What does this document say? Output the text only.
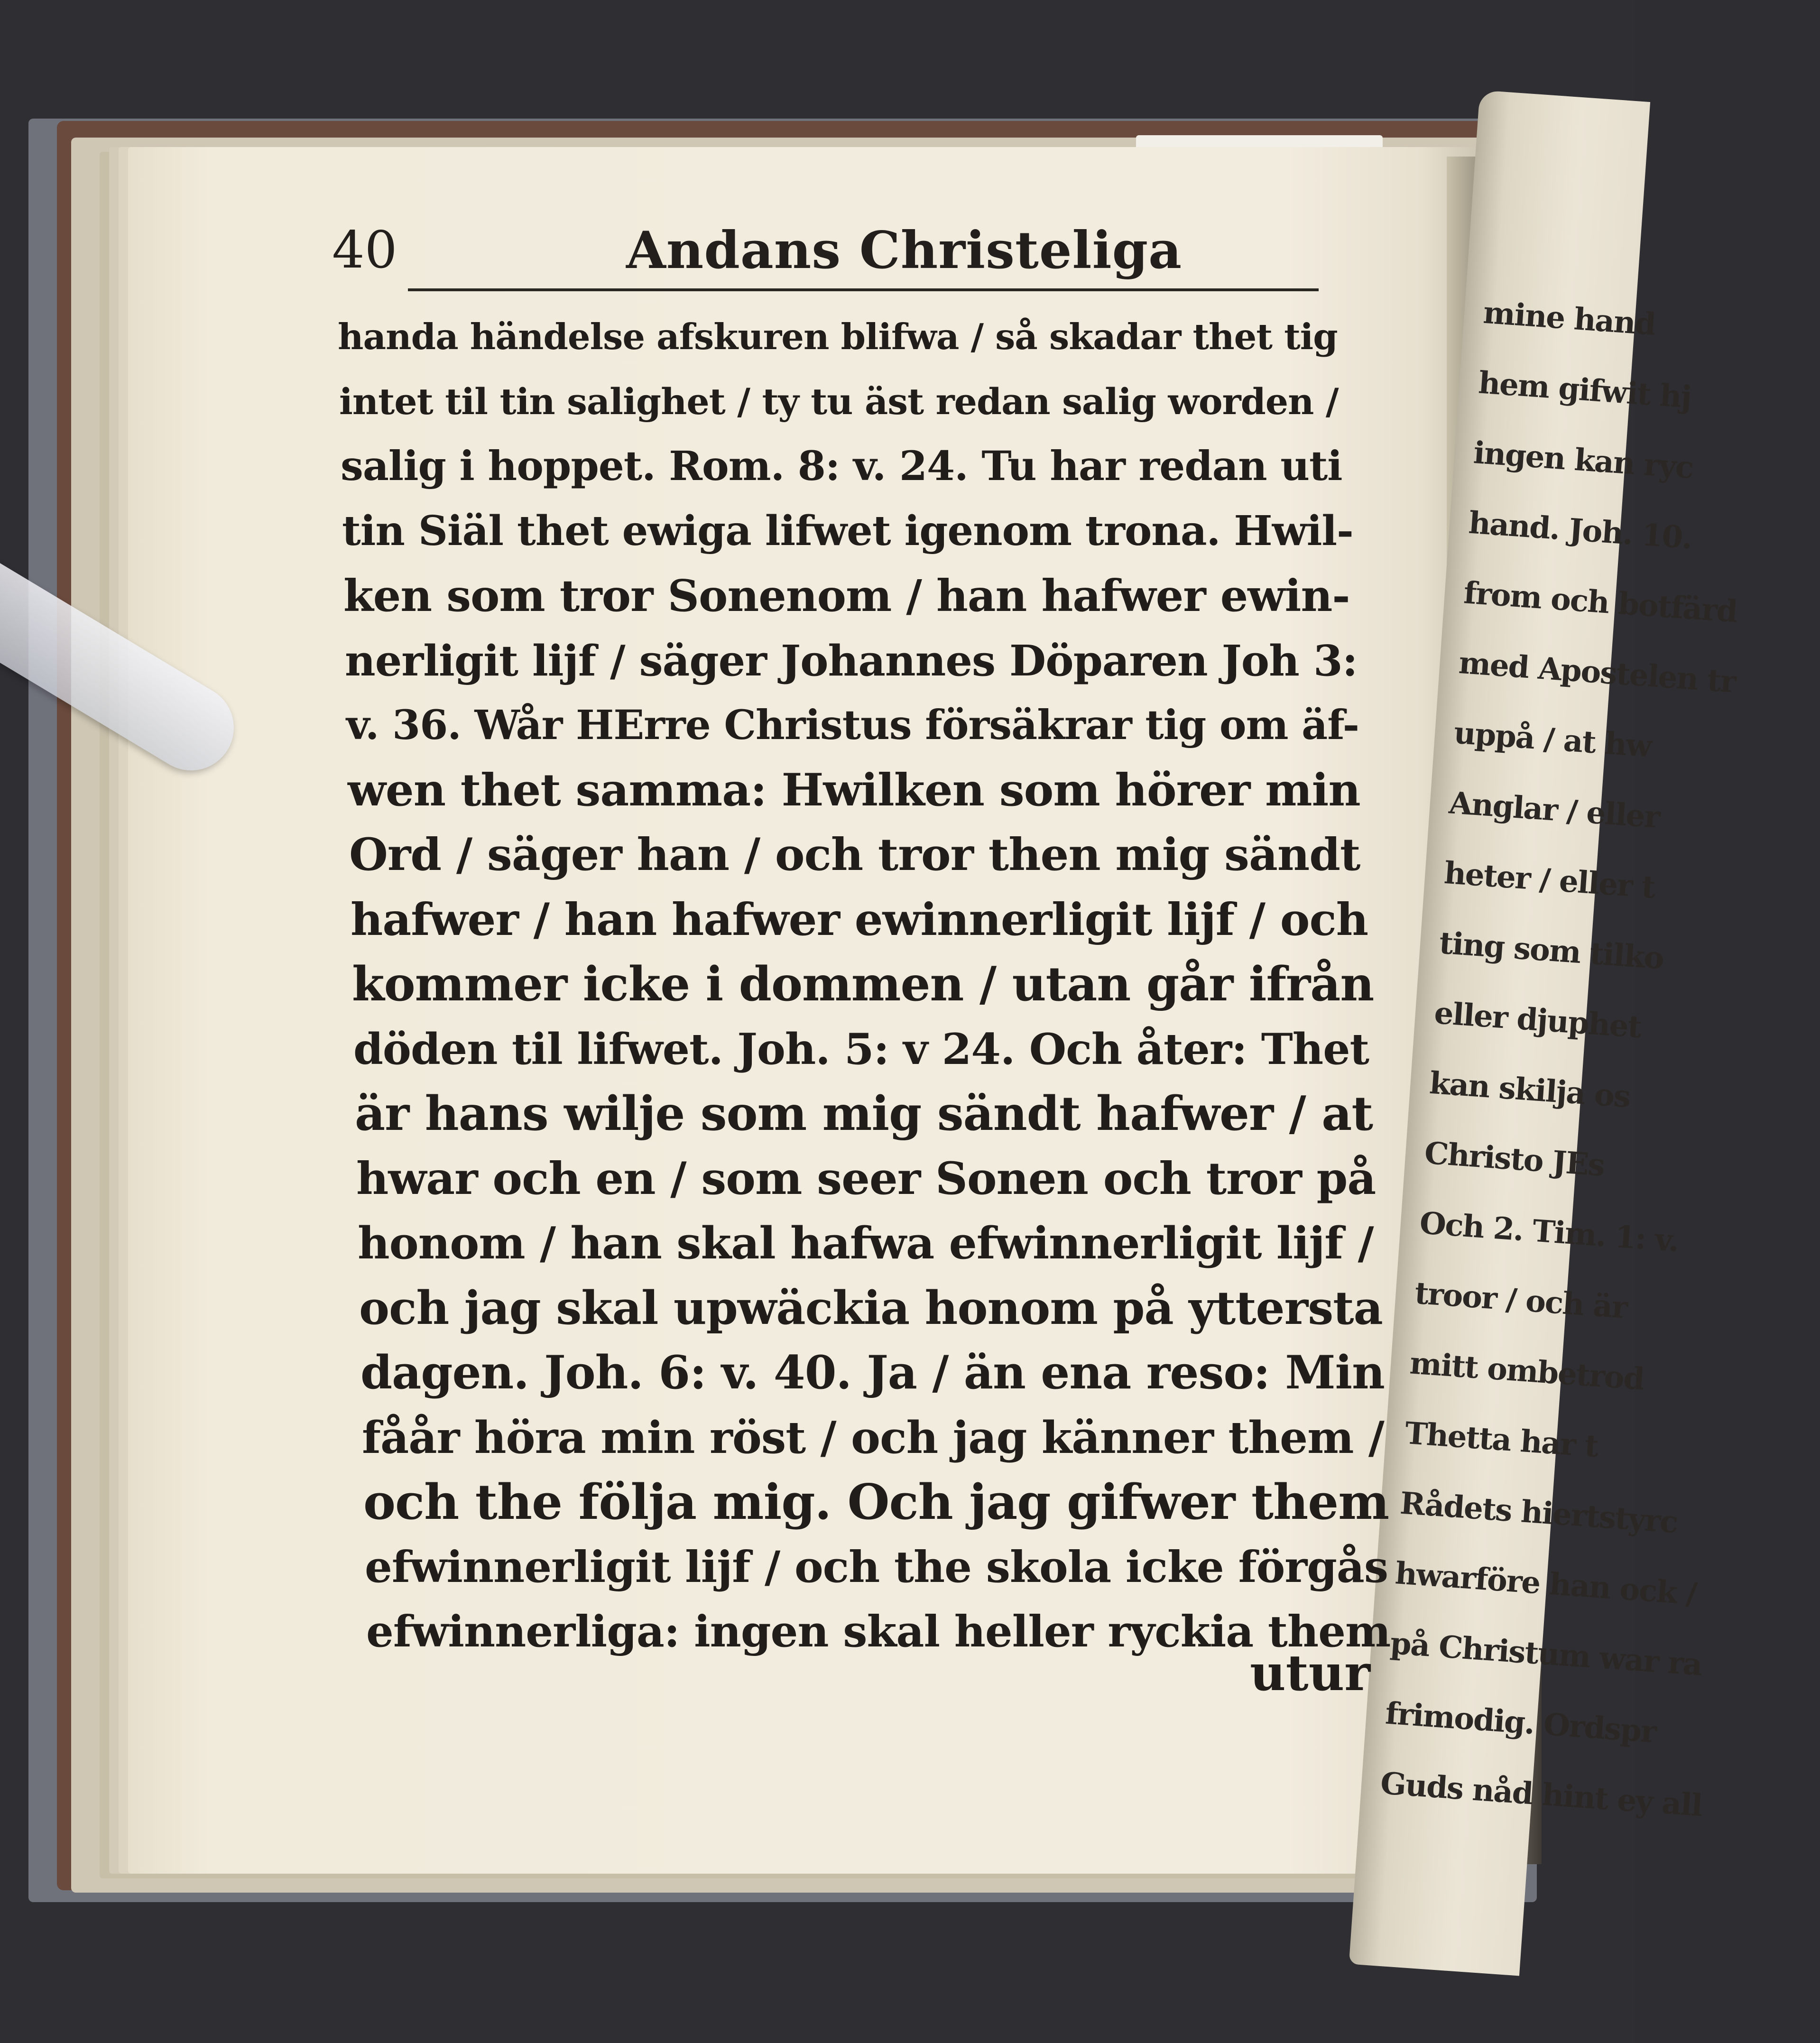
mine hand
hem gifwit hj
ingen kan ryc
hand. Joh. 10.
from och botfärd
med Apostelen tr
uppå / at hw
Anglar / eller
heter / eller t
ting som tilko
eller djuphet
kan skilja os
Christo JEs
Och 2. Tim. 1: v.
troor / och är
mitt ombetrod
Thetta har t
Rådets hiertstyrc
hwarföre han ock /
på Christum war ra
frimodig. Ordspr
Guds nåd hint ey all
40	Andans Christeliga
handa händelse afskuren blifwa / så skadar thet tig
intet til tin salighet / ty tu äst redan salig worden /
salig i hoppet. Rom. 8: v. 24. Tu har redan uti
tin Siäl thet ewiga lifwet igenom trona. Hwil-
ken som tror Sonenom / han hafwer ewin-
nerligit lijf / säger Johannes Döparen Joh 3:
v. 36. Wår HErre Christus försäkrar tig om äf-
wen thet samma: Hwilken som hörer min
Ord / säger han / och tror then mig sändt
hafwer / han hafwer ewinnerligit lijf / och
kommer icke i dommen / utan går ifrån
döden til lifwet. Joh. 5: v 24. Och åter: Thet
är hans wilje som mig sändt hafwer / at
hwar och en / som seer Sonen och tror på
honom / han skal hafwa efwinnerligit lijf /
och jag skal upwäckia honom på yttersta
dagen. Joh. 6: v. 40. Ja / än ena reso: Min
fåår höra min röst / och jag känner them /
och the följa mig. Och jag gifwer them
efwinnerligit lijf / och the skola icke förgås
efwinnerliga: ingen skal heller ryckia them
utur
